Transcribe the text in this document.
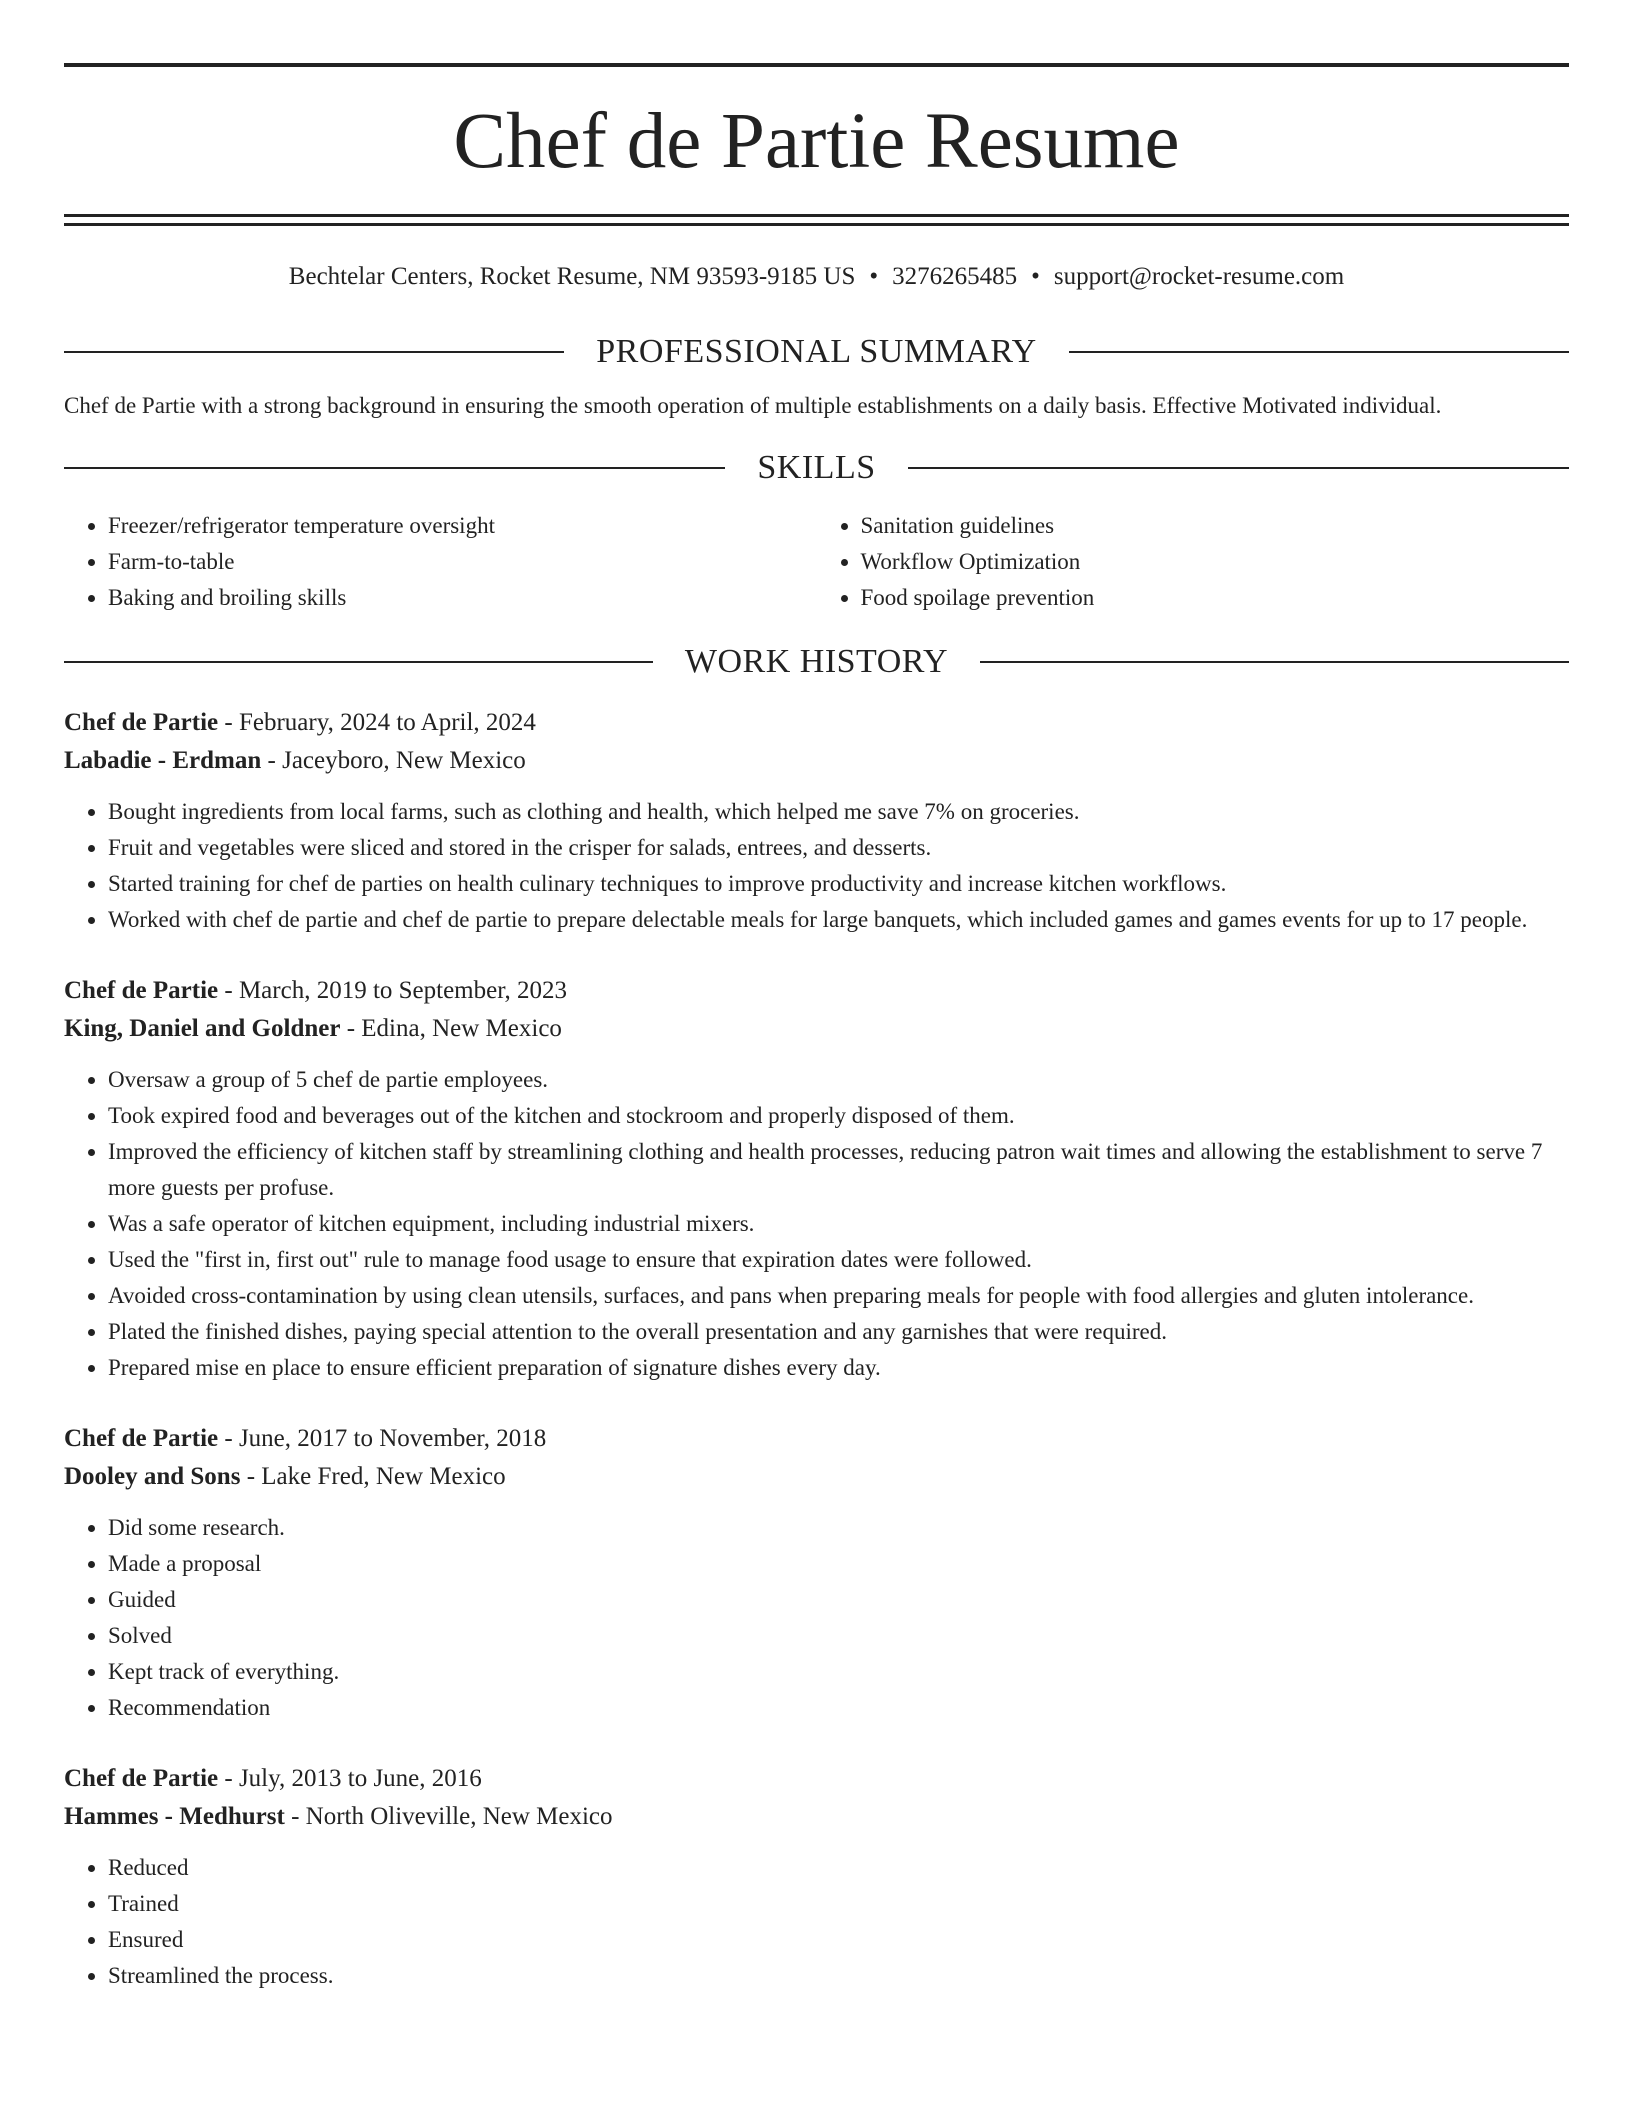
Chef de Partie Resume
Bechtelar Centers, Rocket Resume, NM 93593-9185 US • 3276265485 • support@rocket-resume.com
PROFESSIONAL SUMMARY
Chef de Partie with a strong background in ensuring the smooth operation of multiple establishments on a daily basis. Effective Motivated individual.
SKILLS
• Freezer/refrigerator temperature oversight
• Farm-to-table
• Baking and broiling skills
• Sanitation guidelines
• Workflow Optimization
• Food spoilage prevention
WORK HISTORY
Chef de Partie - February, 2024 to April, 2024
Labadie - Erdman - Jaceyboro, New Mexico
• Bought ingredients from local farms, such as clothing and health, which helped me save 7% on groceries.
• Fruit and vegetables were sliced and stored in the crisper for salads, entrees, and desserts.
• Started training for chef de parties on health culinary techniques to improve productivity and increase kitchen workflows.
• Worked with chef de partie and chef de partie to prepare delectable meals for large banquets, which included games and games events for up to 17 people.
Chef de Partie - March, 2019 to September, 2023
King, Daniel and Goldner - Edina, New Mexico
• Oversaw a group of 5 chef de partie employees.
• Took expired food and beverages out of the kitchen and stockroom and properly disposed of them.
• Improved the efficiency of kitchen staff by streamlining clothing and health processes, reducing patron wait times and allowing the establishment to serve 7 more guests per profuse.
• Was a safe operator of kitchen equipment, including industrial mixers.
• Used the "first in, first out" rule to manage food usage to ensure that expiration dates were followed.
• Avoided cross-contamination by using clean utensils, surfaces, and pans when preparing meals for people with food allergies and gluten intolerance.
• Plated the finished dishes, paying special attention to the overall presentation and any garnishes that were required.
• Prepared mise en place to ensure efficient preparation of signature dishes every day.
Chef de Partie - June, 2017 to November, 2018
Dooley and Sons - Lake Fred, New Mexico
• Did some research.
• Made a proposal
• Guided
• Solved
• Kept track of everything.
• Recommendation
Chef de Partie - July, 2013 to June, 2016
Hammes - Medhurst - North Oliveville, New Mexico
• Reduced
• Trained
• Ensured
• Streamlined the process.
